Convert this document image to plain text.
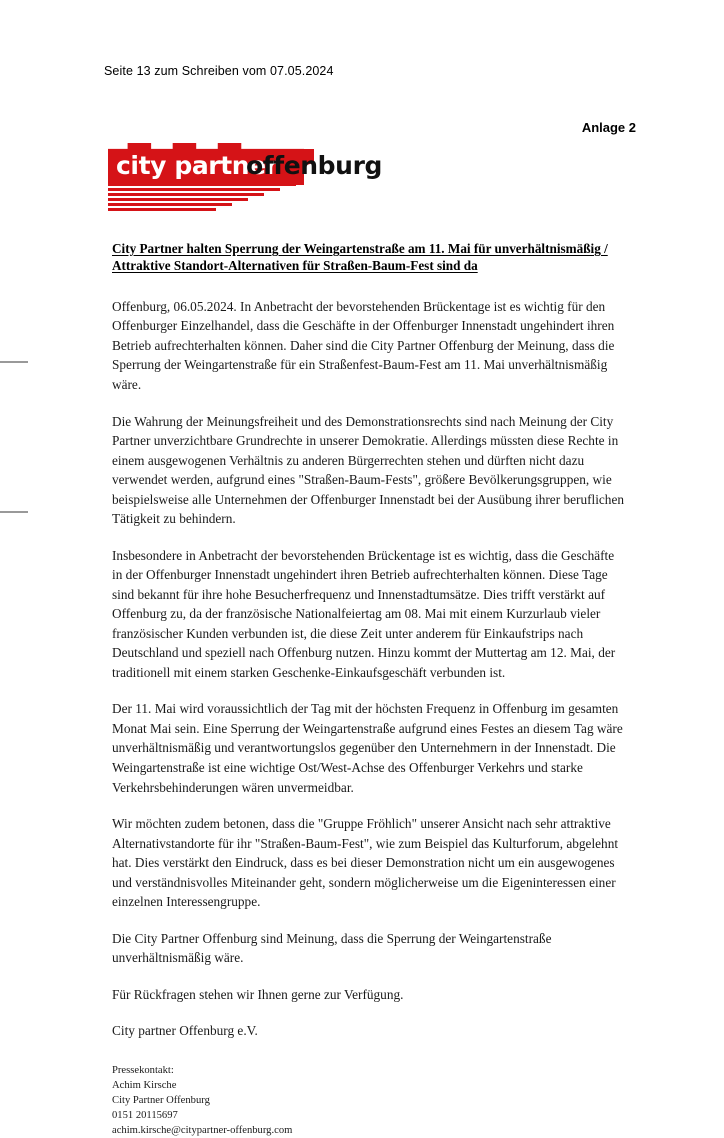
Seite 13 zum Schreiben vom 07.05.2024
Anlage 2
city partner
offenburg
City Partner halten Sperrung der Weingartenstraße am 11. Mai für unverhältnismäßig /
Attraktive Standort-Alternativen für Straßen-Baum-Fest sind da

Offenburg, 06.05.2024. In Anbetracht der bevorstehenden Brückentage ist es wichtig für den Offenburger Einzelhandel, dass die Geschäfte in der Offenburger Innenstadt ungehindert ihren Betrieb aufrechterhalten können. Daher sind die City Partner Offenburg der Meinung, dass die Sperrung der Weingartenstraße für ein Straßenfest-Baum-Fest am 11. Mai unverhältnismäßig wäre.

Die Wahrung der Meinungsfreiheit und des Demonstrationsrechts sind nach Meinung der City Partner unverzichtbare Grundrechte in unserer Demokratie. Allerdings müssten diese Rechte in einem ausgewogenen Verhältnis zu anderen Bürgerrechten stehen und dürften nicht dazu verwendet werden, aufgrund eines "Straßen-Baum-Fests", größere Bevölkerungsgruppen, wie beispielsweise alle Unternehmen der Offenburger Innenstadt bei der Ausübung ihrer beruflichen Tätigkeit zu behindern.

Insbesondere in Anbetracht der bevorstehenden Brückentage ist es wichtig, dass die Geschäfte in der Offenburger Innenstadt ungehindert ihren Betrieb aufrechterhalten können. Diese Tage sind bekannt für ihre hohe Besucherfrequenz und Innenstadtumsätze. Dies trifft verstärkt auf Offenburg zu, da der französische Nationalfeiertag am 08. Mai mit einem Kurzurlaub vieler französischer Kunden verbunden ist, die diese Zeit unter anderem für Einkaufstrips nach Deutschland und speziell nach Offenburg nutzen. Hinzu kommt der Muttertag am 12. Mai, der traditionell mit einem starken Geschenke-Einkaufsgeschäft verbunden ist.

Der 11. Mai wird voraussichtlich der Tag mit der höchsten Frequenz in Offenburg im gesamten Monat Mai sein. Eine Sperrung der Weingartenstraße aufgrund eines Festes an diesem Tag wäre unverhältnismäßig und verantwortungslos gegenüber den Unternehmern in der Innenstadt. Die Weingartenstraße ist eine wichtige Ost/West-Achse des Offenburger Verkehrs und starke Verkehrsbehinderungen wären unvermeidbar.

Wir möchten zudem betonen, dass die "Gruppe Fröhlich" unserer Ansicht nach sehr attraktive Alternativstandorte für ihr "Straßen-Baum-Fest", wie zum Beispiel das Kulturforum, abgelehnt hat. Dies verstärkt den Eindruck, dass es bei dieser Demonstration nicht um ein ausgewogenes und verständnisvolles Miteinander geht, sondern möglicherweise um die Eigeninteressen einer einzelnen Interessengruppe.

Die City Partner Offenburg sind Meinung, dass die Sperrung der Weingartenstraße unverhältnismäßig wäre.

Für Rückfragen stehen wir Ihnen gerne zur Verfügung.

City partner Offenburg e.V.
Pressekontakt:
Achim Kirsche
City Partner Offenburg
0151 20115697
achim.kirsche@citypartner-offenburg.com
